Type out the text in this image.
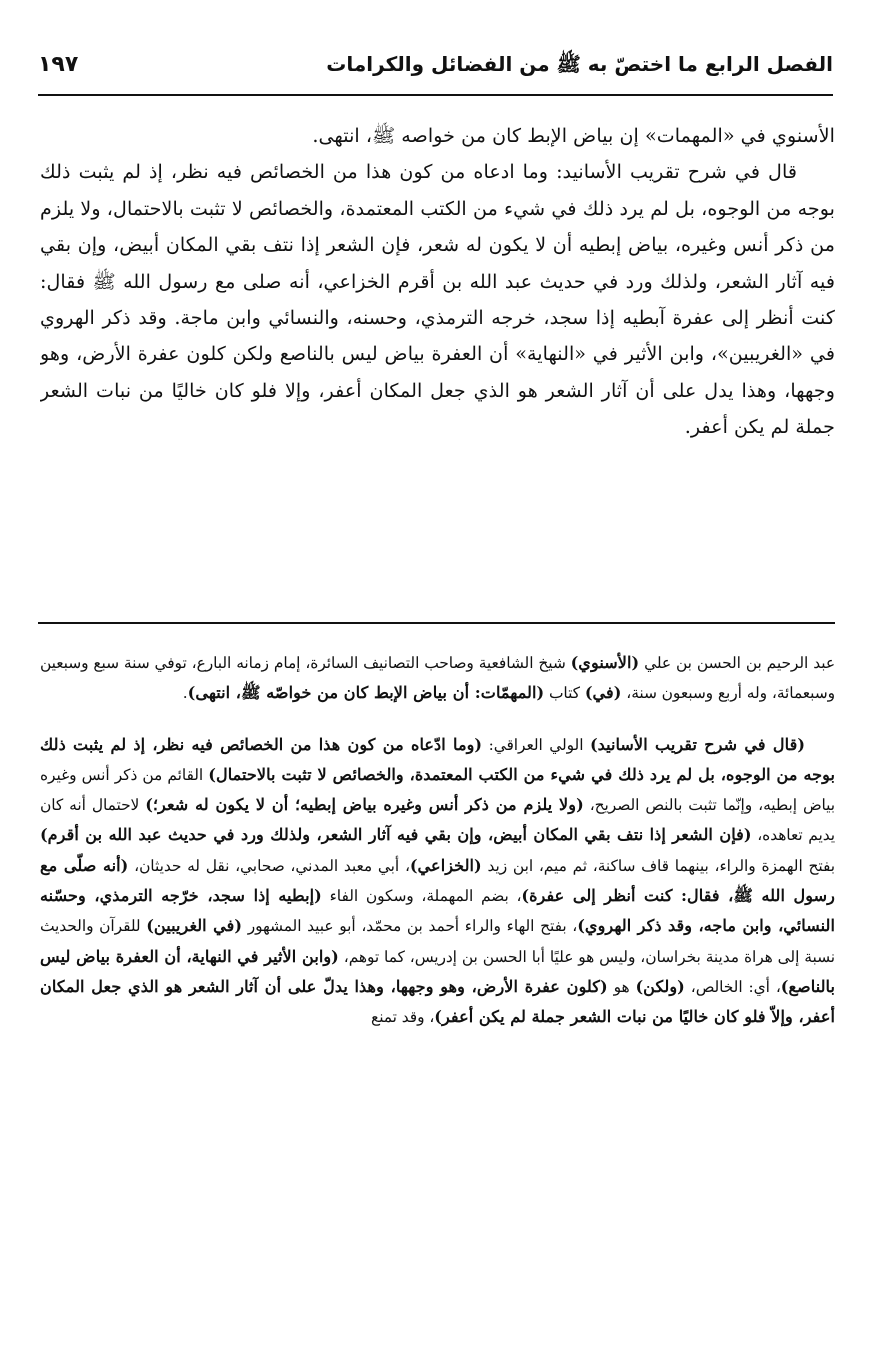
الفصل الرابع ما اختصّ به ﷺ من الفضائل والكرامات
١٩٧

الأسنوي في «المهمات» إن بياض الإبط كان من خواصه ﷺ، انتهى.

قال في شرح تقريب الأسانيد: وما ادعاه من كون هذا من الخصائص فيه نظر، إذ لم يثبت ذلك بوجه من الوجوه، بل لم يرد ذلك في شيء من الكتب المعتمدة، والخصائص لا تثبت بالاحتمال، ولا يلزم من ذكر أنس وغيره، بياض إبطيه أن لا يكون له شعر، فإن الشعر إذا نتف بقي المكان أبيض، وإن بقي فيه آثار الشعر، ولذلك ورد في حديث عبد الله بن أقرم الخزاعي، أنه صلى مع رسول الله ﷺ فقال: كنت أنظر إلى عفرة آبطيه إذا سجد، خرجه الترمذي، وحسنه، والنسائي وابن ماجة. وقد ذكر الهروي في «الغريبين»، وابن الأثير في «النهاية» أن العفرة بياض ليس بالناصع ولكن كلون عفرة الأرض، وهو وجهها، وهذا يدل على أن آثار الشعر هو الذي جعل المكان أعفر، وإلا فلو كان خاليًا من نبات الشعر جملة لم يكن أعفر.

عبد الرحيم بن الحسن بن علي (الأسنوي) شيخ الشافعية وصاحب التصانيف السائرة، إمام زمانه البارع، توفي سنة سبع وسبعين وسبعمائة، وله أربع وسبعون سنة، (في) كتاب (المهمّات: أن بياض الإبط كان من خواصّه ﷺ، انتهى).

(قال في شرح تقريب الأسانيد) الولي العراقي: (وما ادّعاه من كون هذا من الخصائص فيه نظر، إذ لم يثبت ذلك بوجه من الوجوه، بل لم يرد ذلك في شيء من الكتب المعتمدة، والخصائص لا تثبت بالاحتمال) القائم من ذكر أنس وغيره بياض إبطيه، وإنّما تثبت بالنص الصريح، (ولا يلزم من ذكر أنس وغيره بياض إبطيه؛ أن لا يكون له شعر؛) لاحتمال أنه كان يديم تعاهده، (فإن الشعر إذا نتف بقي المكان أبيض، وإن بقي فيه آثار الشعر، ولذلك ورد في حديث عبد الله بن أقرم) بفتح الهمزة والراء، بينهما قاف ساكنة، ثم ميم، ابن زيد (الخزاعي)، أبي معبد المدني، صحابي، نقل له حديثان، (أنه صلّى مع رسول الله ﷺ، فقال: كنت أنظر إلى عفرة)، بضم المهملة، وسكون الفاء (إبطيه إذا سجد، خرّجه الترمذي، وحسّنه النسائي، وابن ماجه، وقد ذكر الهروي)، بفتح الهاء والراء أحمد بن محمّد، أبو عبيد المشهور (في الغريبين) للقرآن والحديث نسبة إلى هراة مدينة بخراسان، وليس هو عليًا أبا الحسن بن إدريس، كما توهم، (وابن الأثير في النهاية، أن العفرة بياض ليس بالناصع)، أي: الخالص، (ولكن) هو (كلون عفرة الأرض، وهو وجهها، وهذا يدلّ على أن آثار الشعر هو الذي جعل المكان أعفر، وإلاّ فلو كان خاليًا من نبات الشعر جملة لم يكن أعفر)، وقد تمنع
